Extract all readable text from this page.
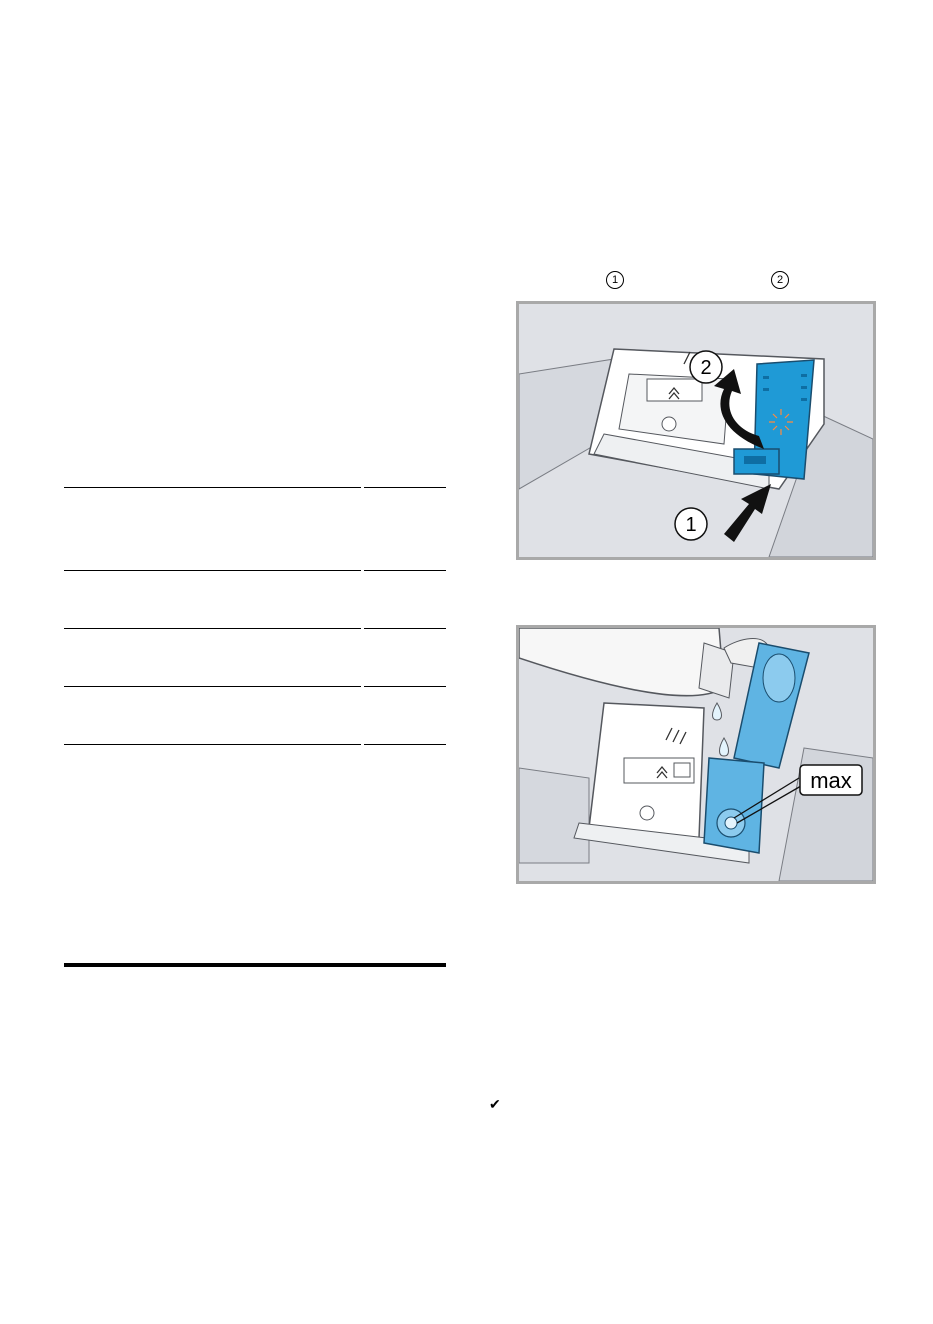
1	2
2
1
max
✔
